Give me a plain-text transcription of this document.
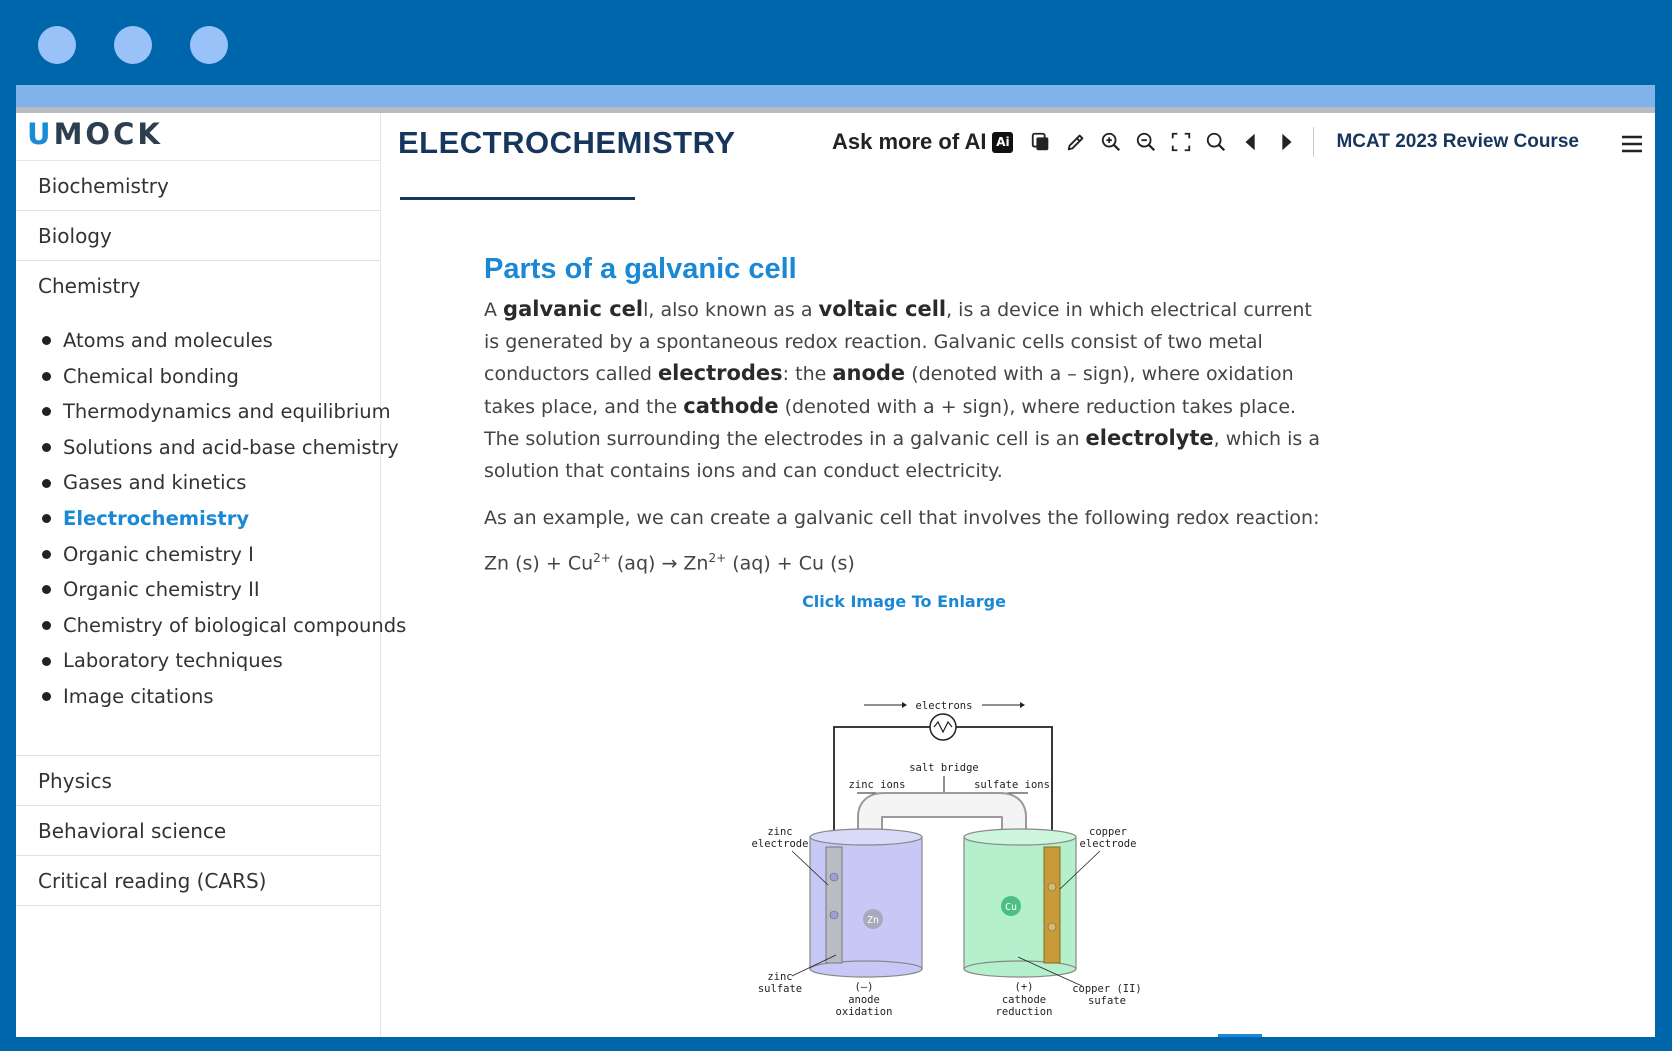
UMOCK
Biochemistry
Biology
Chemistry
Atoms and molecules
Chemical bonding
Thermodynamics and equilibrium
Solutions and acid-base chemistry
Gases and kinetics
Electrochemistry
Organic chemistry I
Organic chemistry II
Chemistry of biological compounds
Laboratory techniques
Image citations
Physics
Behavioral science
Critical reading (CARS)
ELECTROCHEMISTRY	Ask more of AI Ai	MCAT 2023 Review Course
Parts of a galvanic cell

A galvanic cell, also known as a voltaic cell, is a device in which electrical current is generated by a spontaneous redox reaction. Galvanic cells consist of two metal conductors called electrodes: the anode (denoted with a – sign), where oxidation takes place, and the cathode (denoted with a + sign), where reduction takes place. The solution surrounding the electrodes in a galvanic cell is an electrolyte, which is a solution that contains ions and can conduct electricity.

As an example, we can create a galvanic cell that involves the following redox reaction:

Zn $(s) + Cu^{2+}$ $(aq) \to Zn^{2+}$ (aq) + Cu (s)

Click Image To Enlarge
electrons
salt bridge
zinc ions	sulfate ions
Zn
Cu
zinc
electrode
copper
electrode
zinc
sulfate	copper (II)
sufate
(–)
anode
oxidation
(+)
cathode
reduction
